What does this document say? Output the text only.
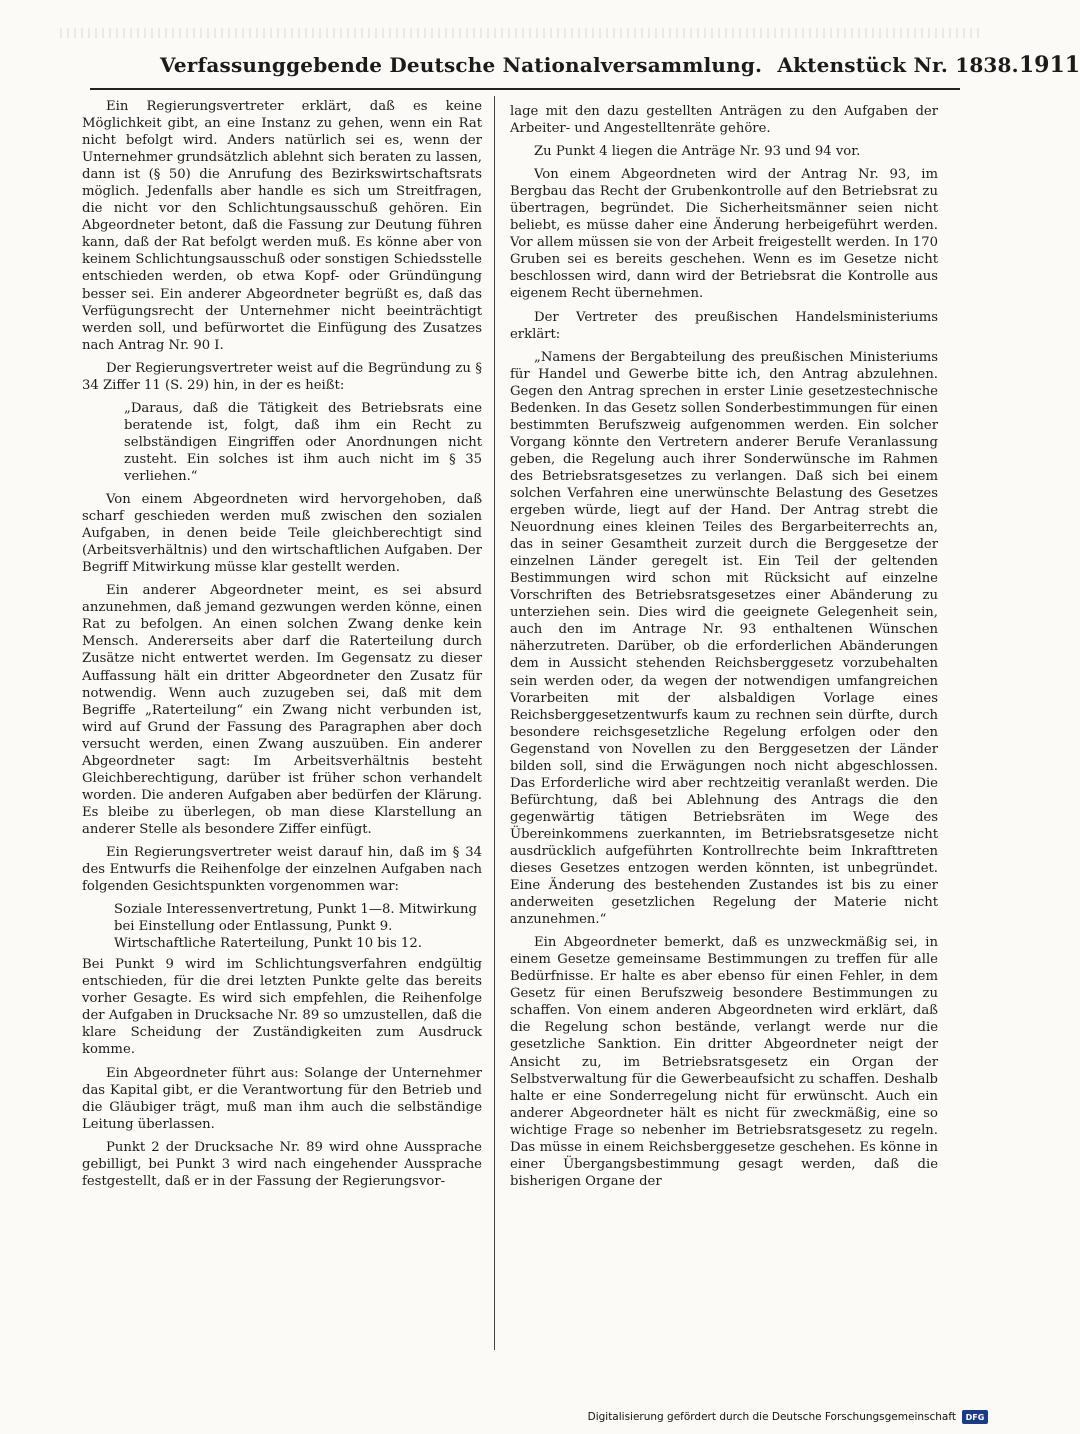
Verfassunggebende Deutsche Nationalversammlung. Aktenstück Nr. 1838. 1911

Ein Regierungsvertreter erklärt, daß es keine Möglichkeit gibt, an eine Instanz zu gehen, wenn ein Rat nicht befolgt wird. Anders natürlich sei es, wenn der Unternehmer grundsätzlich ablehnt sich beraten zu lassen, dann ist (§ 50) die Anrufung des Bezirkswirtschaftsrats möglich. Jedenfalls aber handle es sich um Streitfragen, die nicht vor den Schlichtungsausschuß gehören. Ein Abgeordneter betont, daß die Fassung zur Deutung führen kann, daß der Rat befolgt werden muß. Es könne aber von keinem Schlichtungsausschuß oder sonstigen Schiedsstelle entschieden werden, ob etwa Kopf- oder Gründüngung besser sei. Ein anderer Abgeordneter begrüßt es, daß das Verfügungsrecht der Unternehmer nicht beeinträchtigt werden soll, und befürwortet die Einfügung des Zusatzes nach Antrag Nr. 90 I.

Der Regierungsvertreter weist auf die Begründung zu § 34 Ziffer 11 (S. 29) hin, in der es heißt:

„Daraus, daß die Tätigkeit des Betriebsrats eine beratende ist, folgt, daß ihm ein Recht zu selbständigen Eingriffen oder Anordnungen nicht zusteht. Ein solches ist ihm auch nicht im § 35 verliehen.“

Von einem Abgeordneten wird hervorgehoben, daß scharf geschieden werden muß zwischen den sozialen Aufgaben, in denen beide Teile gleichberechtigt sind (Arbeitsverhältnis) und den wirtschaftlichen Aufgaben. Der Begriff Mitwirkung müsse klar gestellt werden.

Ein anderer Abgeordneter meint, es sei absurd anzunehmen, daß jemand gezwungen werden könne, einen Rat zu befolgen. An einen solchen Zwang denke kein Mensch. Andererseits aber darf die Raterteilung durch Zusätze nicht entwertet werden. Im Gegensatz zu dieser Auffassung hält ein dritter Abgeordneter den Zusatz für notwendig. Wenn auch zuzugeben sei, daß mit dem Begriffe „Raterteilung“ ein Zwang nicht verbunden ist, wird auf Grund der Fassung des Paragraphen aber doch versucht werden, einen Zwang auszuüben. Ein anderer Abgeordneter sagt: Im Arbeitsverhältnis besteht Gleichberechtigung, darüber ist früher schon verhandelt worden. Die anderen Aufgaben aber bedürfen der Klärung. Es bleibe zu überlegen, ob man diese Klarstellung an anderer Stelle als besondere Ziffer einfügt.

Ein Regierungsvertreter weist darauf hin, daß im § 34 des Entwurfs die Reihenfolge der einzelnen Aufgaben nach folgenden Gesichtspunkten vorgenommen war:

Soziale Interessenvertretung, Punkt 1—8. Mitwirkung bei Einstellung oder Entlassung, Punkt 9. Wirtschaftliche Raterteilung, Punkt 10 bis 12.

Bei Punkt 9 wird im Schlichtungsverfahren endgültig entschieden, für die drei letzten Punkte gelte das bereits vorher Gesagte. Es wird sich empfehlen, die Reihenfolge der Aufgaben in Drucksache Nr. 89 so umzustellen, daß die klare Scheidung der Zuständigkeiten zum Ausdruck komme.

Ein Abgeordneter führt aus: Solange der Unternehmer das Kapital gibt, er die Verantwortung für den Betrieb und die Gläubiger trägt, muß man ihm auch die selbständige Leitung überlassen.

Punkt 2 der Drucksache Nr. 89 wird ohne Aussprache gebilligt, bei Punkt 3 wird nach eingehender Aussprache festgestellt, daß er in der Fassung der Regierungsvor-

lage mit den dazu gestellten Anträgen zu den Aufgaben der Arbeiter- und Angestelltenräte gehöre.

Zu Punkt 4 liegen die Anträge Nr. 93 und 94 vor.

Von einem Abgeordneten wird der Antrag Nr. 93, im Bergbau das Recht der Grubenkontrolle auf den Betriebsrat zu übertragen, begründet. Die Sicherheitsmänner seien nicht beliebt, es müsse daher eine Änderung herbeigeführt werden. Vor allem müssen sie von der Arbeit freigestellt werden. In 170 Gruben sei es bereits geschehen. Wenn es im Gesetze nicht beschlossen wird, dann wird der Betriebsrat die Kontrolle aus eigenem Recht übernehmen.

Der Vertreter des preußischen Handelsministeriums erklärt:

„Namens der Bergabteilung des preußischen Ministeriums für Handel und Gewerbe bitte ich, den Antrag abzulehnen. Gegen den Antrag sprechen in erster Linie gesetzestechnische Bedenken. In das Gesetz sollen Sonderbestimmungen für einen bestimmten Berufszweig aufgenommen werden. Ein solcher Vorgang könnte den Vertretern anderer Berufe Veranlassung geben, die Regelung auch ihrer Sonderwünsche im Rahmen des Betriebsratsgesetzes zu verlangen. Daß sich bei einem solchen Verfahren eine unerwünschte Belastung des Gesetzes ergeben würde, liegt auf der Hand. Der Antrag strebt die Neuordnung eines kleinen Teiles des Bergarbeiterrechts an, das in seiner Gesamtheit zurzeit durch die Berggesetze der einzelnen Länder geregelt ist. Ein Teil der geltenden Bestimmungen wird schon mit Rücksicht auf einzelne Vorschriften des Betriebsratsgesetzes einer Abänderung zu unterziehen sein. Dies wird die geeignete Gelegenheit sein, auch den im Antrage Nr. 93 enthaltenen Wünschen näherzutreten. Darüber, ob die erforderlichen Abänderungen dem in Aussicht stehenden Reichsberggesetz vorzubehalten sein werden oder, da wegen der notwendigen umfangreichen Vorarbeiten mit der alsbaldigen Vorlage eines Reichsberggesetzentwurfs kaum zu rechnen sein dürfte, durch besondere reichsgesetzliche Regelung erfolgen oder den Gegenstand von Novellen zu den Berggesetzen der Länder bilden soll, sind die Erwägungen noch nicht abgeschlossen. Das Erforderliche wird aber rechtzeitig veranlaßt werden. Die Befürchtung, daß bei Ablehnung des Antrags die den gegenwärtig tätigen Betriebsräten im Wege des Übereinkommens zuerkannten, im Betriebsratsgesetze nicht ausdrücklich aufgeführten Kontrollrechte beim Inkrafttreten dieses Gesetzes entzogen werden könnten, ist unbegründet. Eine Änderung des bestehenden Zustandes ist bis zu einer anderweiten gesetzlichen Regelung der Materie nicht anzunehmen.“

Ein Abgeordneter bemerkt, daß es unzweckmäßig sei, in einem Gesetze gemeinsame Bestimmungen zu treffen für alle Bedürfnisse. Er halte es aber ebenso für einen Fehler, in dem Gesetz für einen Berufszweig besondere Bestimmungen zu schaffen. Von einem anderen Abgeordneten wird erklärt, daß die Regelung schon bestände, verlangt werde nur die gesetzliche Sanktion. Ein dritter Abgeordneter neigt der Ansicht zu, im Betriebsratsgesetz ein Organ der Selbstverwaltung für die Gewerbeaufsicht zu schaffen. Deshalb halte er eine Sonderregelung nicht für erwünscht. Auch ein anderer Abgeordneter hält es nicht für zweckmäßig, eine so wichtige Frage so nebenher im Betriebsratsgesetz zu regeln. Das müsse in einem Reichsberggesetze geschehen. Es könne in einer Übergangsbestimmung gesagt werden, daß die bisherigen Organe der

Digitalisierung gefördert durch die Deutsche Forschungsgemeinschaft	DFG
